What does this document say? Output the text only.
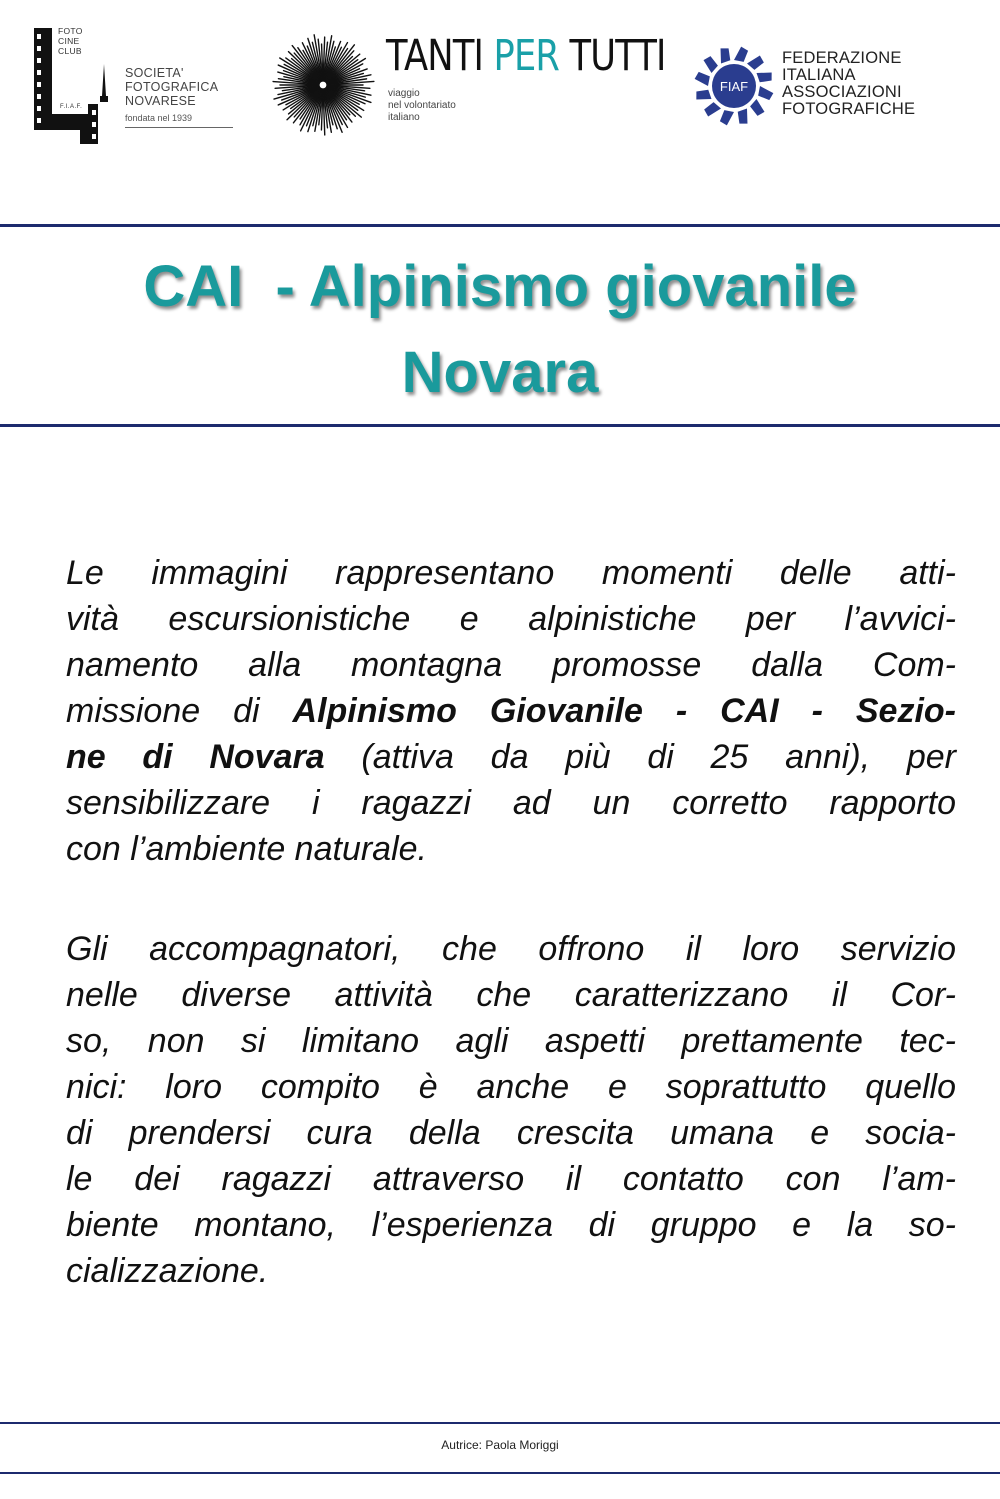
FOTO
CINE
CLUB
F.I.A.F.
SOCIETA'
FOTOGRAFICA
NOVARESE
fondata nel 1939
TANTI PER TUTTI
viaggio
nel volontariato
italiano
FIAF
FEDERAZIONE
ITALIANA
ASSOCIAZIONI
FOTOGRAFICHE
CAI  - Alpinismo giovanile
Novara
Le immagini rappresentano momenti delle atti-
vità escursionistiche e alpinistiche per l’avvici-
namento alla montagna promosse dalla Com-
missione di Alpinismo Giovanile - CAI - Sezio-
ne di Novara (attiva da più di 25 anni), per
sensibilizzare i ragazzi ad un corretto rapporto
con l’ambiente naturale.
Gli accompagnatori, che offrono il loro servizio
nelle diverse attività che caratterizzano il Cor-
so, non si limitano agli aspetti prettamente tec-
nici: loro compito è anche e soprattutto quello
di prendersi cura della crescita umana e socia-
le dei ragazzi attraverso il contatto con l’am-
biente montano, l’esperienza di gruppo e la so-
cializzazione.
Autrice: Paola Moriggi
